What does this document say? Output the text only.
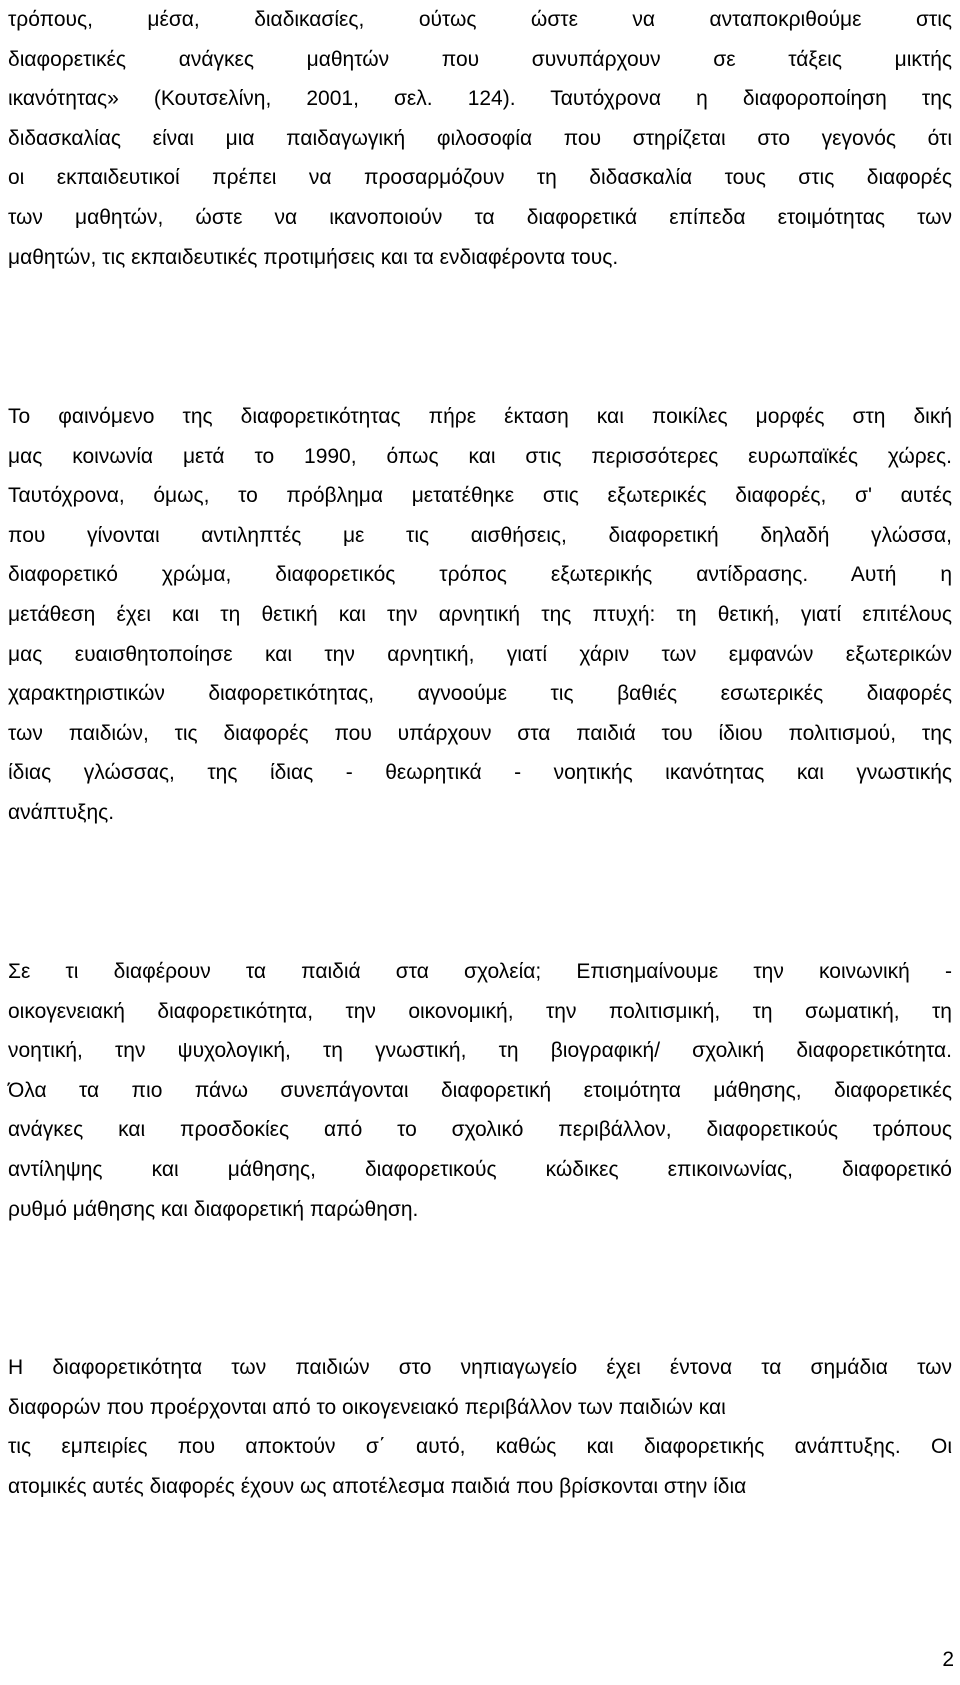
τρόπους, μέσα, διαδικασίες, ούτως ώστε να ανταποκριθούμε στις
διαφορετικές ανάγκες μαθητών που συνυπάρχουν σε τάξεις μικτής
ικανότητας» (Κουτσελίνη, 2001, σελ. 124). Ταυτόχρονα η διαφοροποίηση της
διδασκαλίας είναι μια παιδαγωγική φιλοσοφία που στηρίζεται στο γεγονός ότι
οι εκπαιδευτικοί πρέπει να προσαρμόζουν τη διδασκαλία τους στις διαφορές
των μαθητών, ώστε να ικανοποιούν τα διαφορετικά επίπεδα ετοιμότητας των
μαθητών, τις εκπαιδευτικές προτιμήσεις και τα ενδιαφέροντα τους.
Το φαινόμενο της διαφορετικότητας πήρε έκταση και ποικίλες μορφές στη δική
μας κοινωνία μετά το 1990, όπως και στις περισσότερες ευρωπαϊκές χώρες.
Ταυτόχρονα, όμως, το πρόβλημα μετατέθηκε στις εξωτερικές διαφορές, σ' αυτές
που γίνονται αντιληπτές με τις αισθήσεις, διαφορετική δηλαδή γλώσσα,
διαφορετικό χρώμα, διαφορετικός τρόπος εξωτερικής αντίδρασης. Αυτή η
μετάθεση έχει και τη θετική και την αρνητική της πτυχή: τη θετική, γιατί επιτέλους
μας ευαισθητοποίησε και την αρνητική, γιατί χάριν των εμφανών εξωτερικών
χαρακτηριστικών διαφορετικότητας, αγνοούμε τις βαθιές εσωτερικές διαφορές
των παιδιών, τις διαφορές που υπάρχουν στα παιδιά του ίδιου πολιτισμού, της
ίδιας γλώσσας, της ίδιας - θεωρητικά - νοητικής ικανότητας και γνωστικής
ανάπτυξης.
Σε τι διαφέρουν τα παιδιά στα σχολεία; Επισημαίνουμε την κοινωνική -
οικογενειακή διαφορετικότητα, την οικονομική, την πολιτισμική, τη σωματική, τη
νοητική, την ψυχολογική, τη γνωστική, τη βιογραφική/ σχολική διαφορετικότητα.
Όλα τα πιο πάνω συνεπάγονται διαφορετική ετοιμότητα μάθησης, διαφορετικές
ανάγκες και προσδοκίες από το σχολικό περιβάλλον, διαφορετικούς τρόπους
αντίληψης και μάθησης, διαφορετικούς κώδικες επικοινωνίας, διαφορετικό
ρυθμό μάθησης και διαφορετική παρώθηση.
Η διαφορετικότητα των παιδιών στο νηπιαγωγείο έχει έντονα τα σημάδια των
διαφορών που προέρχονται από το οικογενειακό περιβάλλον των παιδιών και
τις εμπειρίες που αποκτούν σ΄ αυτό, καθώς και διαφορετικής ανάπτυξης. Οι
ατομικές αυτές διαφορές έχουν ως αποτέλεσμα παιδιά που βρίσκονται στην ίδια
2
